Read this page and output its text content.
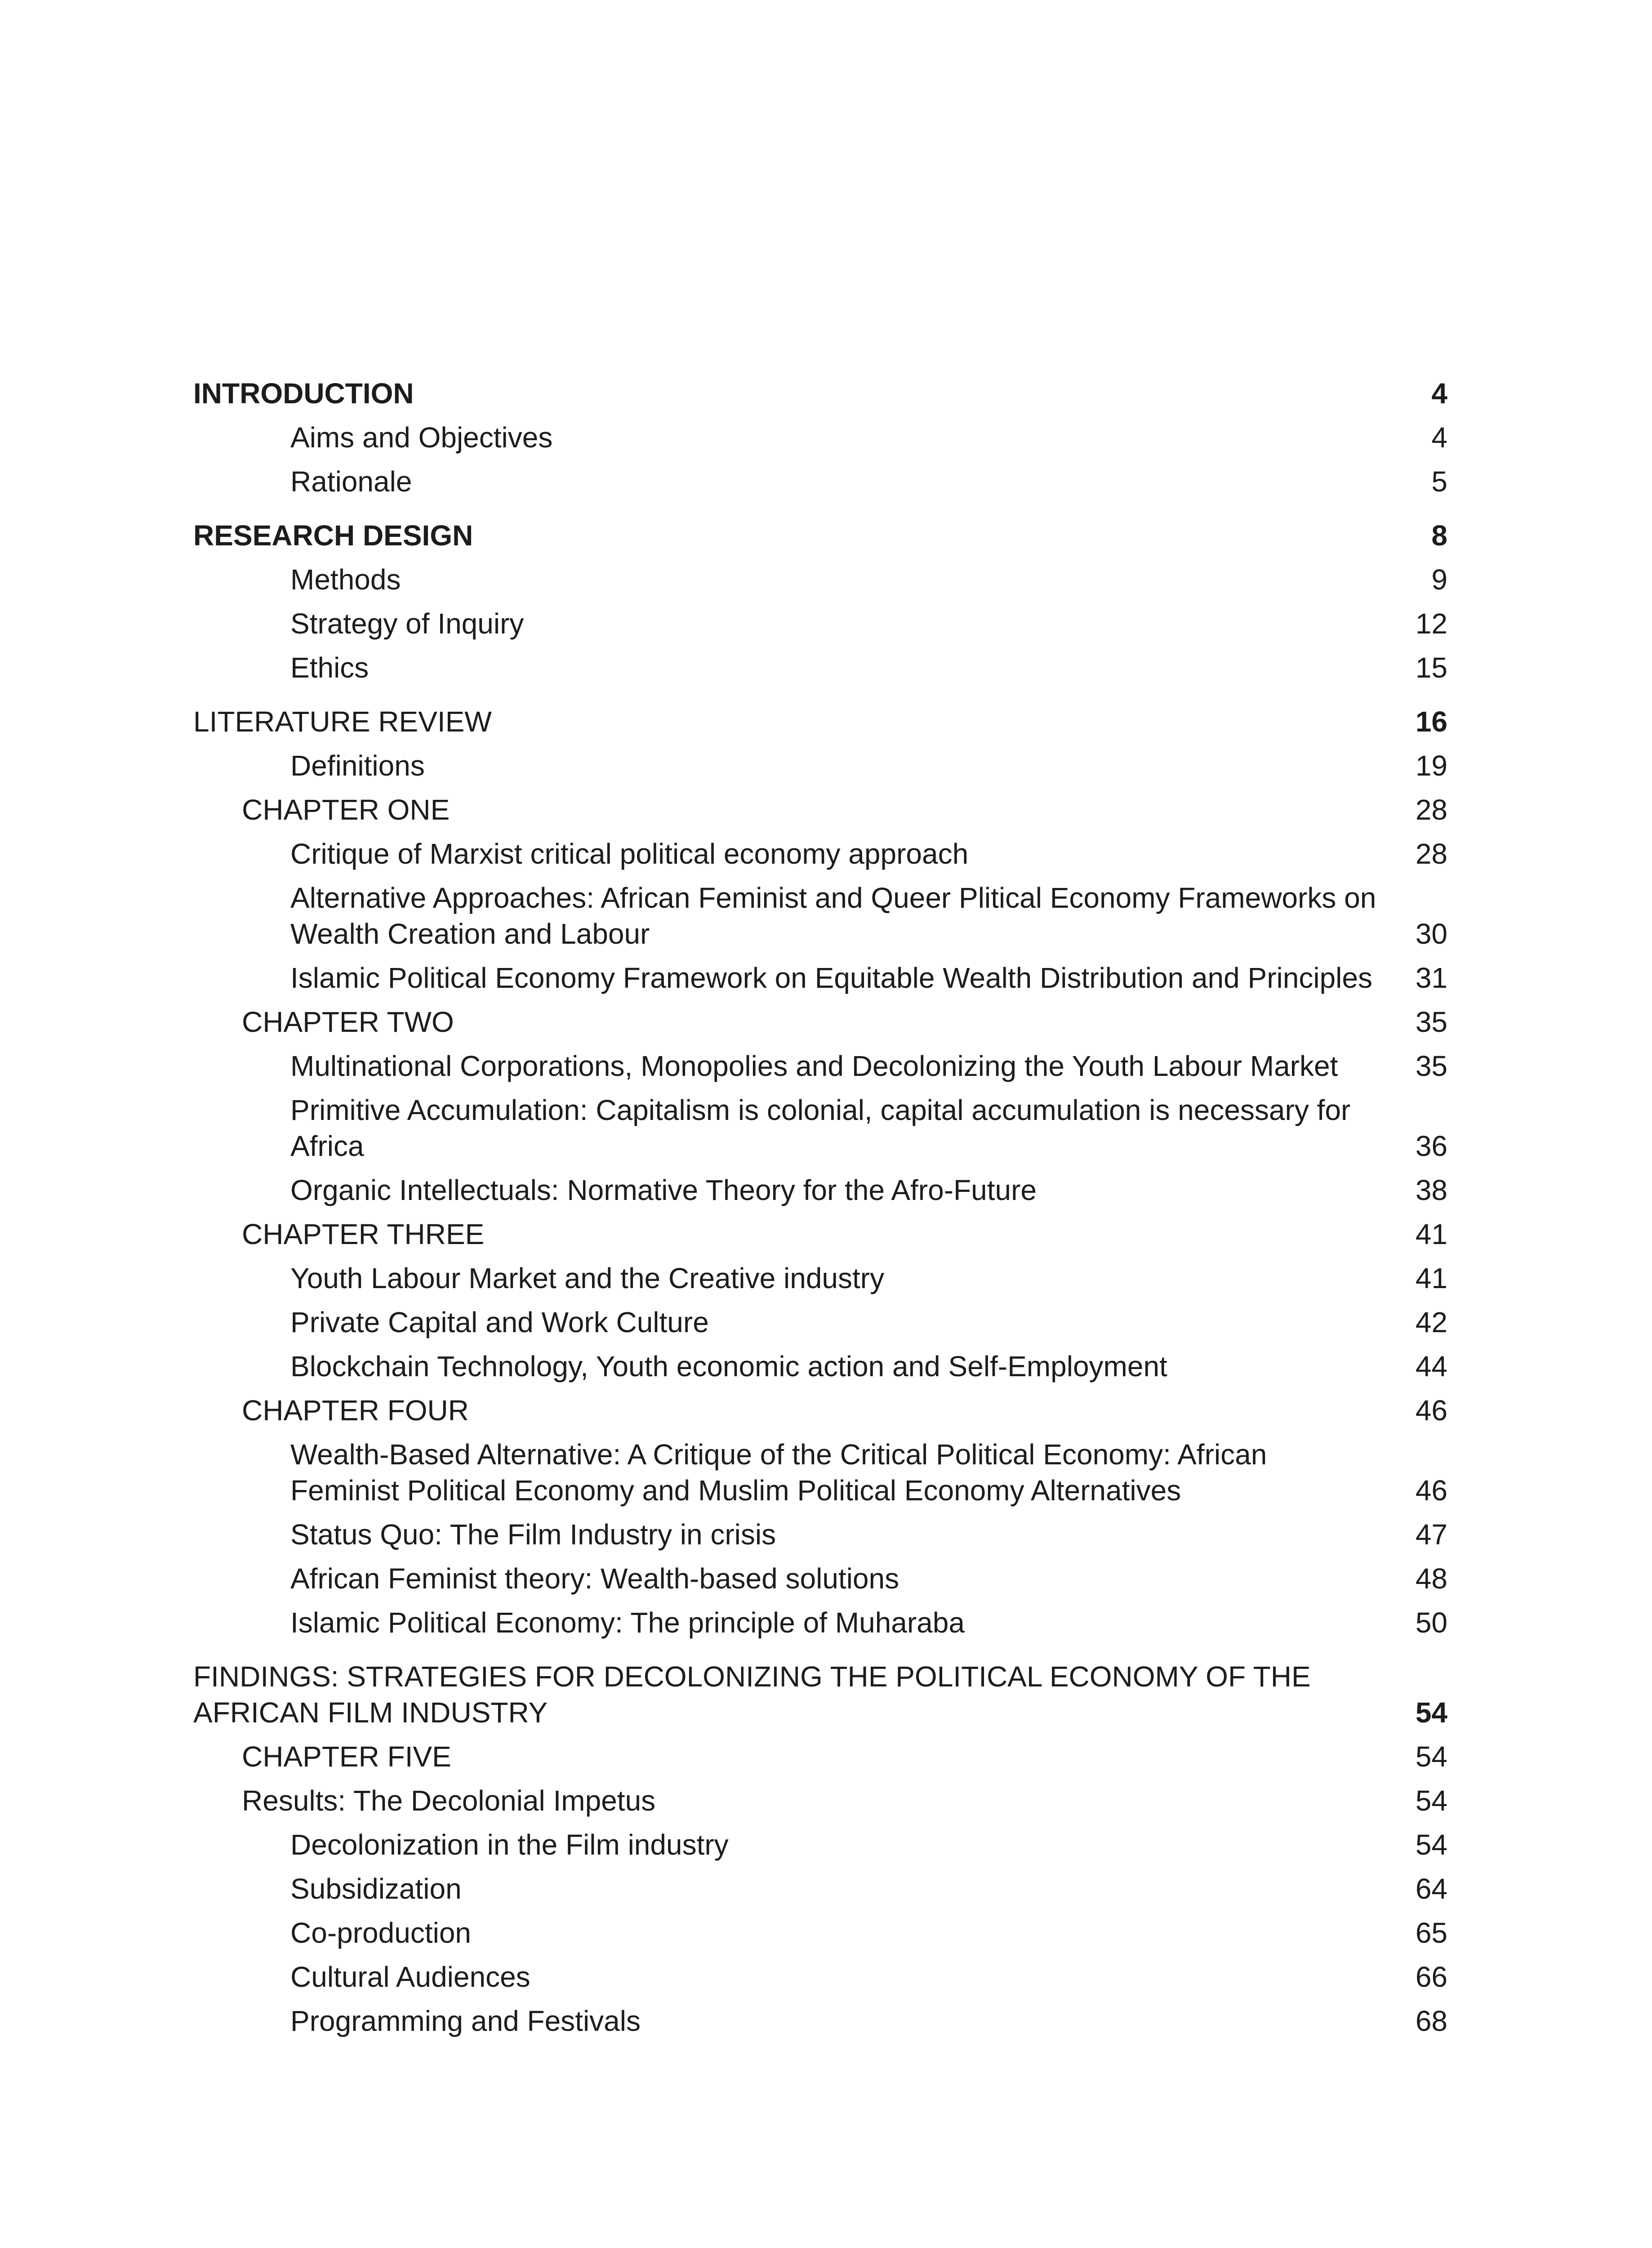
INTRODUCTION	4
Aims and Objectives	4
Rationale	5
RESEARCH DESIGN	8
Methods	9
Strategy of Inquiry	12
Ethics	15
LITERATURE REVIEW	16
Definitions	19
CHAPTER ONE	28
Critique of Marxist critical political economy approach	28
Alternative Approaches: African Feminist and Queer Plitical Economy Frameworks on Wealth Creation and Labour	30
Islamic Political Economy Framework on Equitable Wealth Distribution and Principles 31
CHAPTER TWO	35
Multinational Corporations, Monopolies and Decolonizing the Youth Labour Market	35
Primitive Accumulation: Capitalism is colonial, capital accumulation is necessary for Africa	36
Organic Intellectuals: Normative Theory for the Afro-Future	38
CHAPTER THREE	41
Youth Labour Market and the Creative industry	41
Private Capital and Work Culture	42
Blockchain Technology, Youth economic action and Self-Employment	44
CHAPTER FOUR	46
Wealth-Based Alternative: A Critique of the Critical Political Economy: African Feminist Political Economy and Muslim Political Economy Alternatives	46
Status Quo: The Film Industry in crisis	47
African Feminist theory: Wealth-based solutions	48
Islamic Political Economy: The principle of Muharaba	50
FINDINGS: STRATEGIES FOR DECOLONIZING THE POLITICAL ECONOMY OF THE AFRICAN FILM INDUSTRY	54
CHAPTER FIVE	54
Results: The Decolonial Impetus	54
Decolonization in the Film industry	54
Subsidization	64
Co-production	65
Cultural Audiences	66
Programming and Festivals	68
